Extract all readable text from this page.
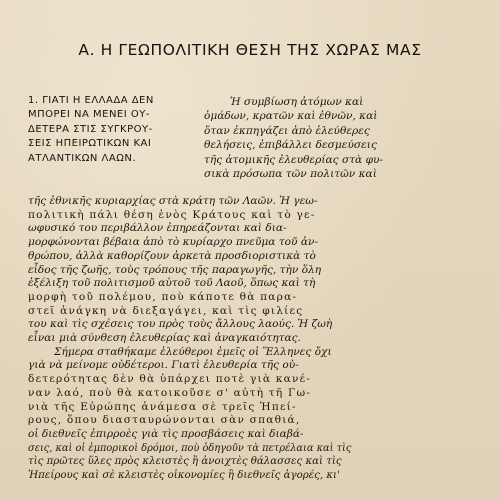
Α. Η ΓΕΩΠΟΛΙΤΙΚΗ ΘΕΣΗ ΤΗΣ ΧΩΡΑΣ ΜΑΣ
1. ΓΙΑΤΙ Η ΕΛΛΑΔΑ ΔΕΝ
ΜΠΟΡΕΙ ΝΑ ΜΕΝΕΙ ΟΥ-
ΔΕΤΕΡΑ ΣΤΙΣ ΣΥΓΚΡΟΥ-
ΣΕΙΣ ΗΠΕΙΡΩΤΙΚΩΝ ΚΑΙ
ΑΤΛΑΝΤΙΚΩΝ ΛΑΩΝ.
Ἡ συμβίωση ἀτόμων καὶ
ὁμάδων, κρατῶν καὶ ἐθνῶν, καὶ
ὅταν ἐκπηγάζει ἀπὸ ἐλεύθερες
θελήσεις, ἐπιβάλλει δεσμεύσεις
τῆς ἀτομικῆς ἐλευθερίας στὰ φυ-
σικὰ πρόσωπα τῶν πολιτῶν καὶ
τῆς ἐθνικῆς κυριαρχίας στὰ κράτη τῶν Λαῶν. Ἡ γεω-
πολιτικὴ πάλι θέση ἑνὸς Κράτους καὶ τὸ γε-
ωφυσικό του περιβάλλον ἐπηρεάζονται καὶ δια-
μορφώνονται βέβαια ἀπὸ τὸ κυρίαρχο πνεῦμα τοῦ ἀν-
θρώπου, ἀλλὰ καθορίζουν ἀρκετὰ προσδιοριστικὰ τὸ
εἶδος τῆς ζωῆς, τοὺς τρόπους τῆς παραγωγῆς, τὴν ὅλη
ἐξέλιξη τοῦ πολιτισμοῦ αὐτοῦ τοῦ Λαοῦ, ὅπως καὶ τὴ
μορφὴ τοῦ πολέμου, ποὺ κάποτε θὰ παρα-
στεῖ ἀνάγκη νὰ διεξαγάγει, καὶ τὶς φιλίες
του καὶ τὶς σχέσεις του πρὸς τοὺς ἄλλους λαούς. Ἡ ζωὴ
εἶναι μιὰ σύνθεση ἐλευθερίας καὶ ἀναγκαιότητας.
Σήμερα σταθήκαμε ἐλεύθεροι ἐμεῖς οἱ Ἕλληνες ὄχι
γιὰ νὰ μείνομε οὐδέτεροι. Γιατὶ ἐλευθερία τῆς οὐ-
δετερότητας δὲν θὰ ὑπάρχει ποτὲ γιὰ κανέ-
ναν λαό, ποὺ θὰ κατοικοῦσε σ' αὐτὴ τῆ Γω-
νιὰ τῆς Εὐρώπης ἀνάμεσα σὲ τρεῖς Ἠπεί-
ρους, ὅπου διασταυρώνονται σὰν σπαθιά,
οἱ διεθνεῖς ἐπιρροὲς γιὰ τὶς προσβάσεις καὶ διαβά-
σεις, καὶ οἱ ἐμπορικοὶ δρόμοι, ποὺ ὁδηγοῦν τὰ πετρέλαια καὶ τὶς
τὶς πρῶτες ὕλες πρὸς κλειστὲς ἢ ἀνοιχτὲς θάλασσες καὶ τὶς
Ἠπείρους καὶ σὲ κλειστὲς οἰκονομίες ἢ διεθνεῖς ἀγορές, κι'
